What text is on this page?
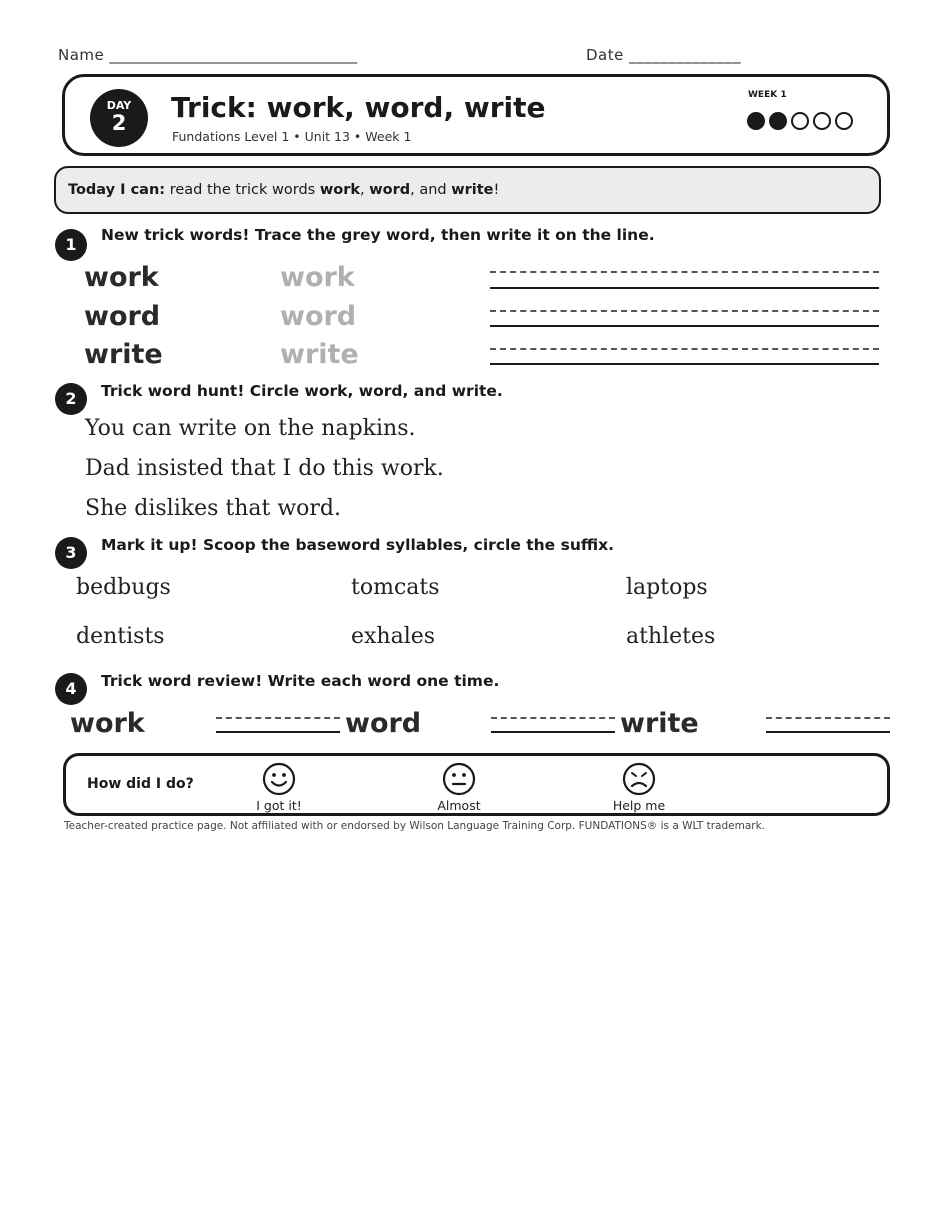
Name _______________________________	Date ______________
DAY
2	Trick: work, word, write
Fundations Level 1 • Unit 13 • Week 1
WEEK 1
Today I can: read the trick words work, word, and write!
1	New trick words! Trace the grey word, then write it on the line.
work	work
word	word
write	write
2	Trick word hunt! Circle work, word, and write.
You can write on the napkins.
Dad insisted that I do this work.
She dislikes that word.
3	Mark it up! Scoop the baseword syllables, circle the suffix.
bedbugs	tomcats	laptops
dentists	exhales	athletes
4	Trick word review! Write each word one time.
work	word	write
How did I do?
I got it!	Almost	Help me
Teacher-created practice page. Not affiliated with or endorsed by Wilson Language Training Corp. FUNDATIONS® is a WLT trademark.
